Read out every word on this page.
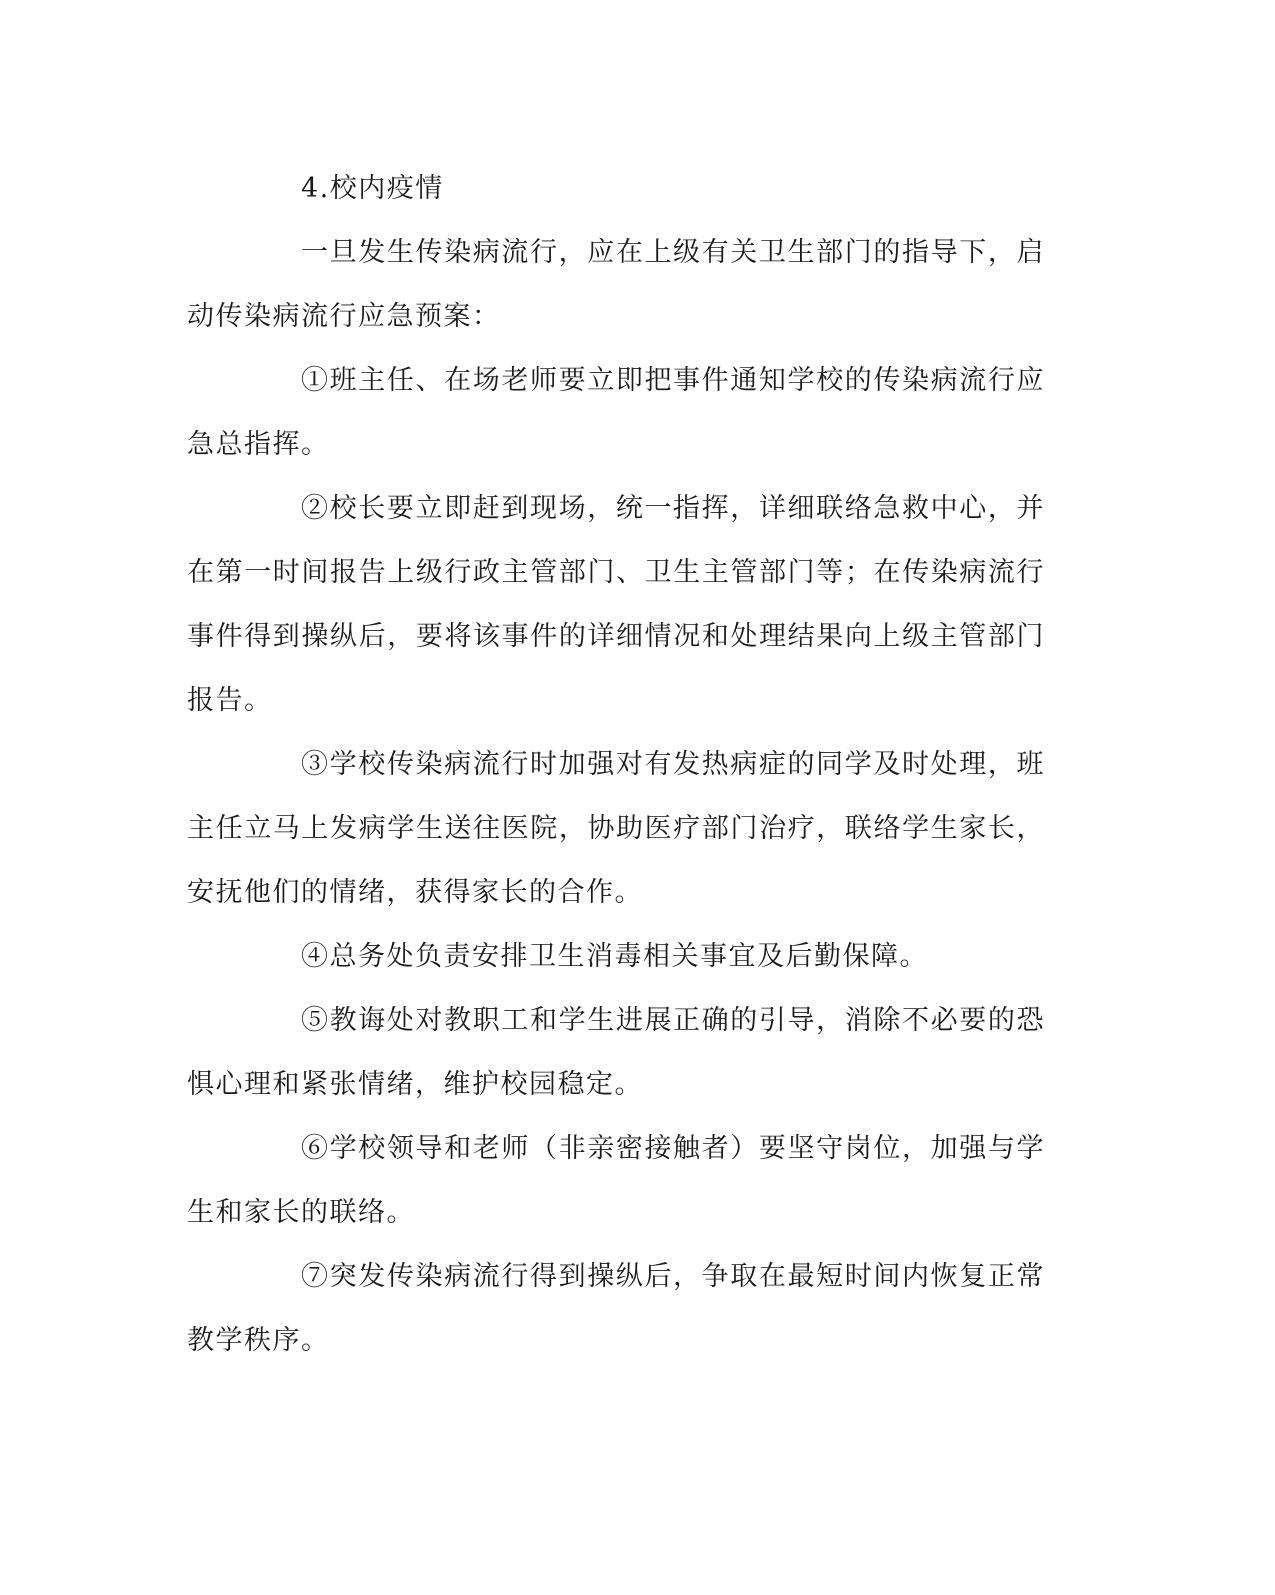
4.校内疫情

一旦发生传染病流行，应在上级有关卫生部门的指导下，启动传染病流行应急预案：

①班主任、在场老师要立即把事件通知学校的传染病流行应急总指挥。

②校长要立即赶到现场，统一指挥，详细联络急救中心，并在第一时间报告上级行政主管部门、卫生主管部门等；在传染病流行事件得到操纵后，要将该事件的详细情况和处理结果向上级主管部门报告。

③学校传染病流行时加强对有发热病症的同学及时处理，班主任立马上发病学生送往医院，协助医疗部门治疗，联络学生家长，安抚他们的情绪，获得家长的合作。

④总务处负责安排卫生消毒相关事宜及后勤保障。

⑤教诲处对教职工和学生进展正确的引导，消除不必要的恐惧心理和紧张情绪，维护校园稳定。

⑥学校领导和老师（非亲密接触者）要坚守岗位，加强与学生和家长的联络。

⑦突发传染病流行得到操纵后，争取在最短时间内恢复正常教学秩序。
